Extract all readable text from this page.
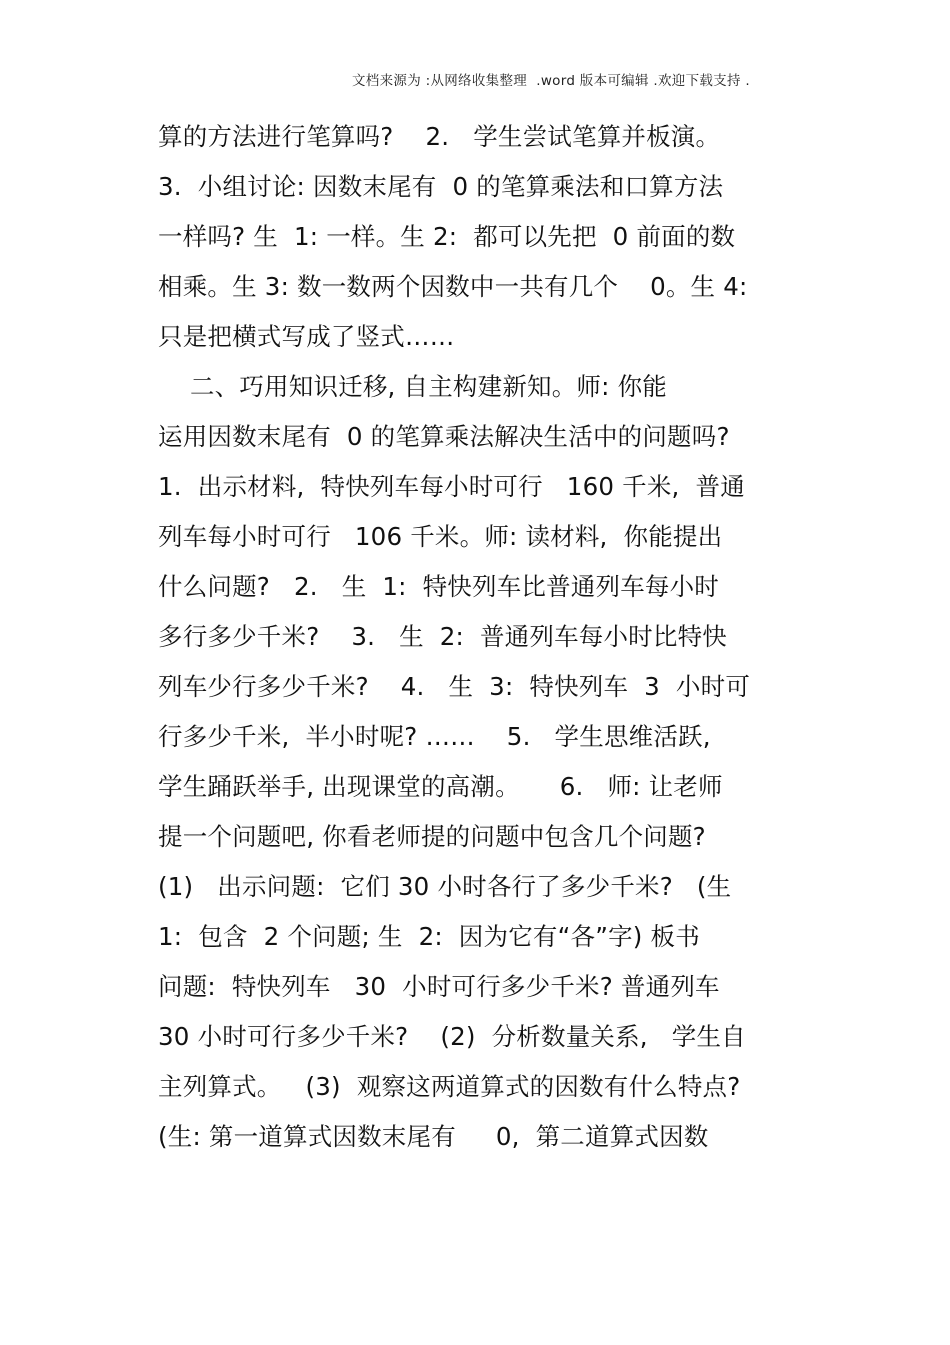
文档来源为 :从网络收集整理  .word 版本可编辑 .欢迎下载支持 .
算的方法进行笔算吗?    2.   学生尝试笔算并板演。
3.  小组讨论: 因数末尾有  0 的笔算乘法和口算方法
一样吗? 生  1: 一样。生 2:  都可以先把  0 前面的数
相乘。生 3: 数一数两个因数中一共有几个    0。生 4:
只是把横式写成了竖式……
二、巧用知识迁移, 自主构建新知。师: 你能
运用因数末尾有  0 的笔算乘法解决生活中的问题吗?
1.  出示材料,  特快列车每小时可行   160 千米,  普通
列车每小时可行   106 千米。师: 读材料,  你能提出
什么问题?   2.   生  1:  特快列车比普通列车每小时
多行多少千米?    3.   生  2:  普通列车每小时比特快
列车少行多少千米?    4.   生  3:  特快列车  3  小时可
行多少千米,  半小时呢? ……    5.   学生思维活跃,
学生踊跃举手, 出现课堂的高潮。     6.   师: 让老师
提一个问题吧, 你看老师提的问题中包含几个问题?
(1)   出示问题:  它们 30 小时各行了多少千米?   (生
1:  包含  2 个问题; 生  2:  因为它有“各”字) 板书
问题:  特快列车   30  小时可行多少千米? 普通列车
30 小时可行多少千米?    (2)  分析数量关系,   学生自
主列算式。   (3)  观察这两道算式的因数有什么特点?
(生: 第一道算式因数末尾有     0,  第二道算式因数
